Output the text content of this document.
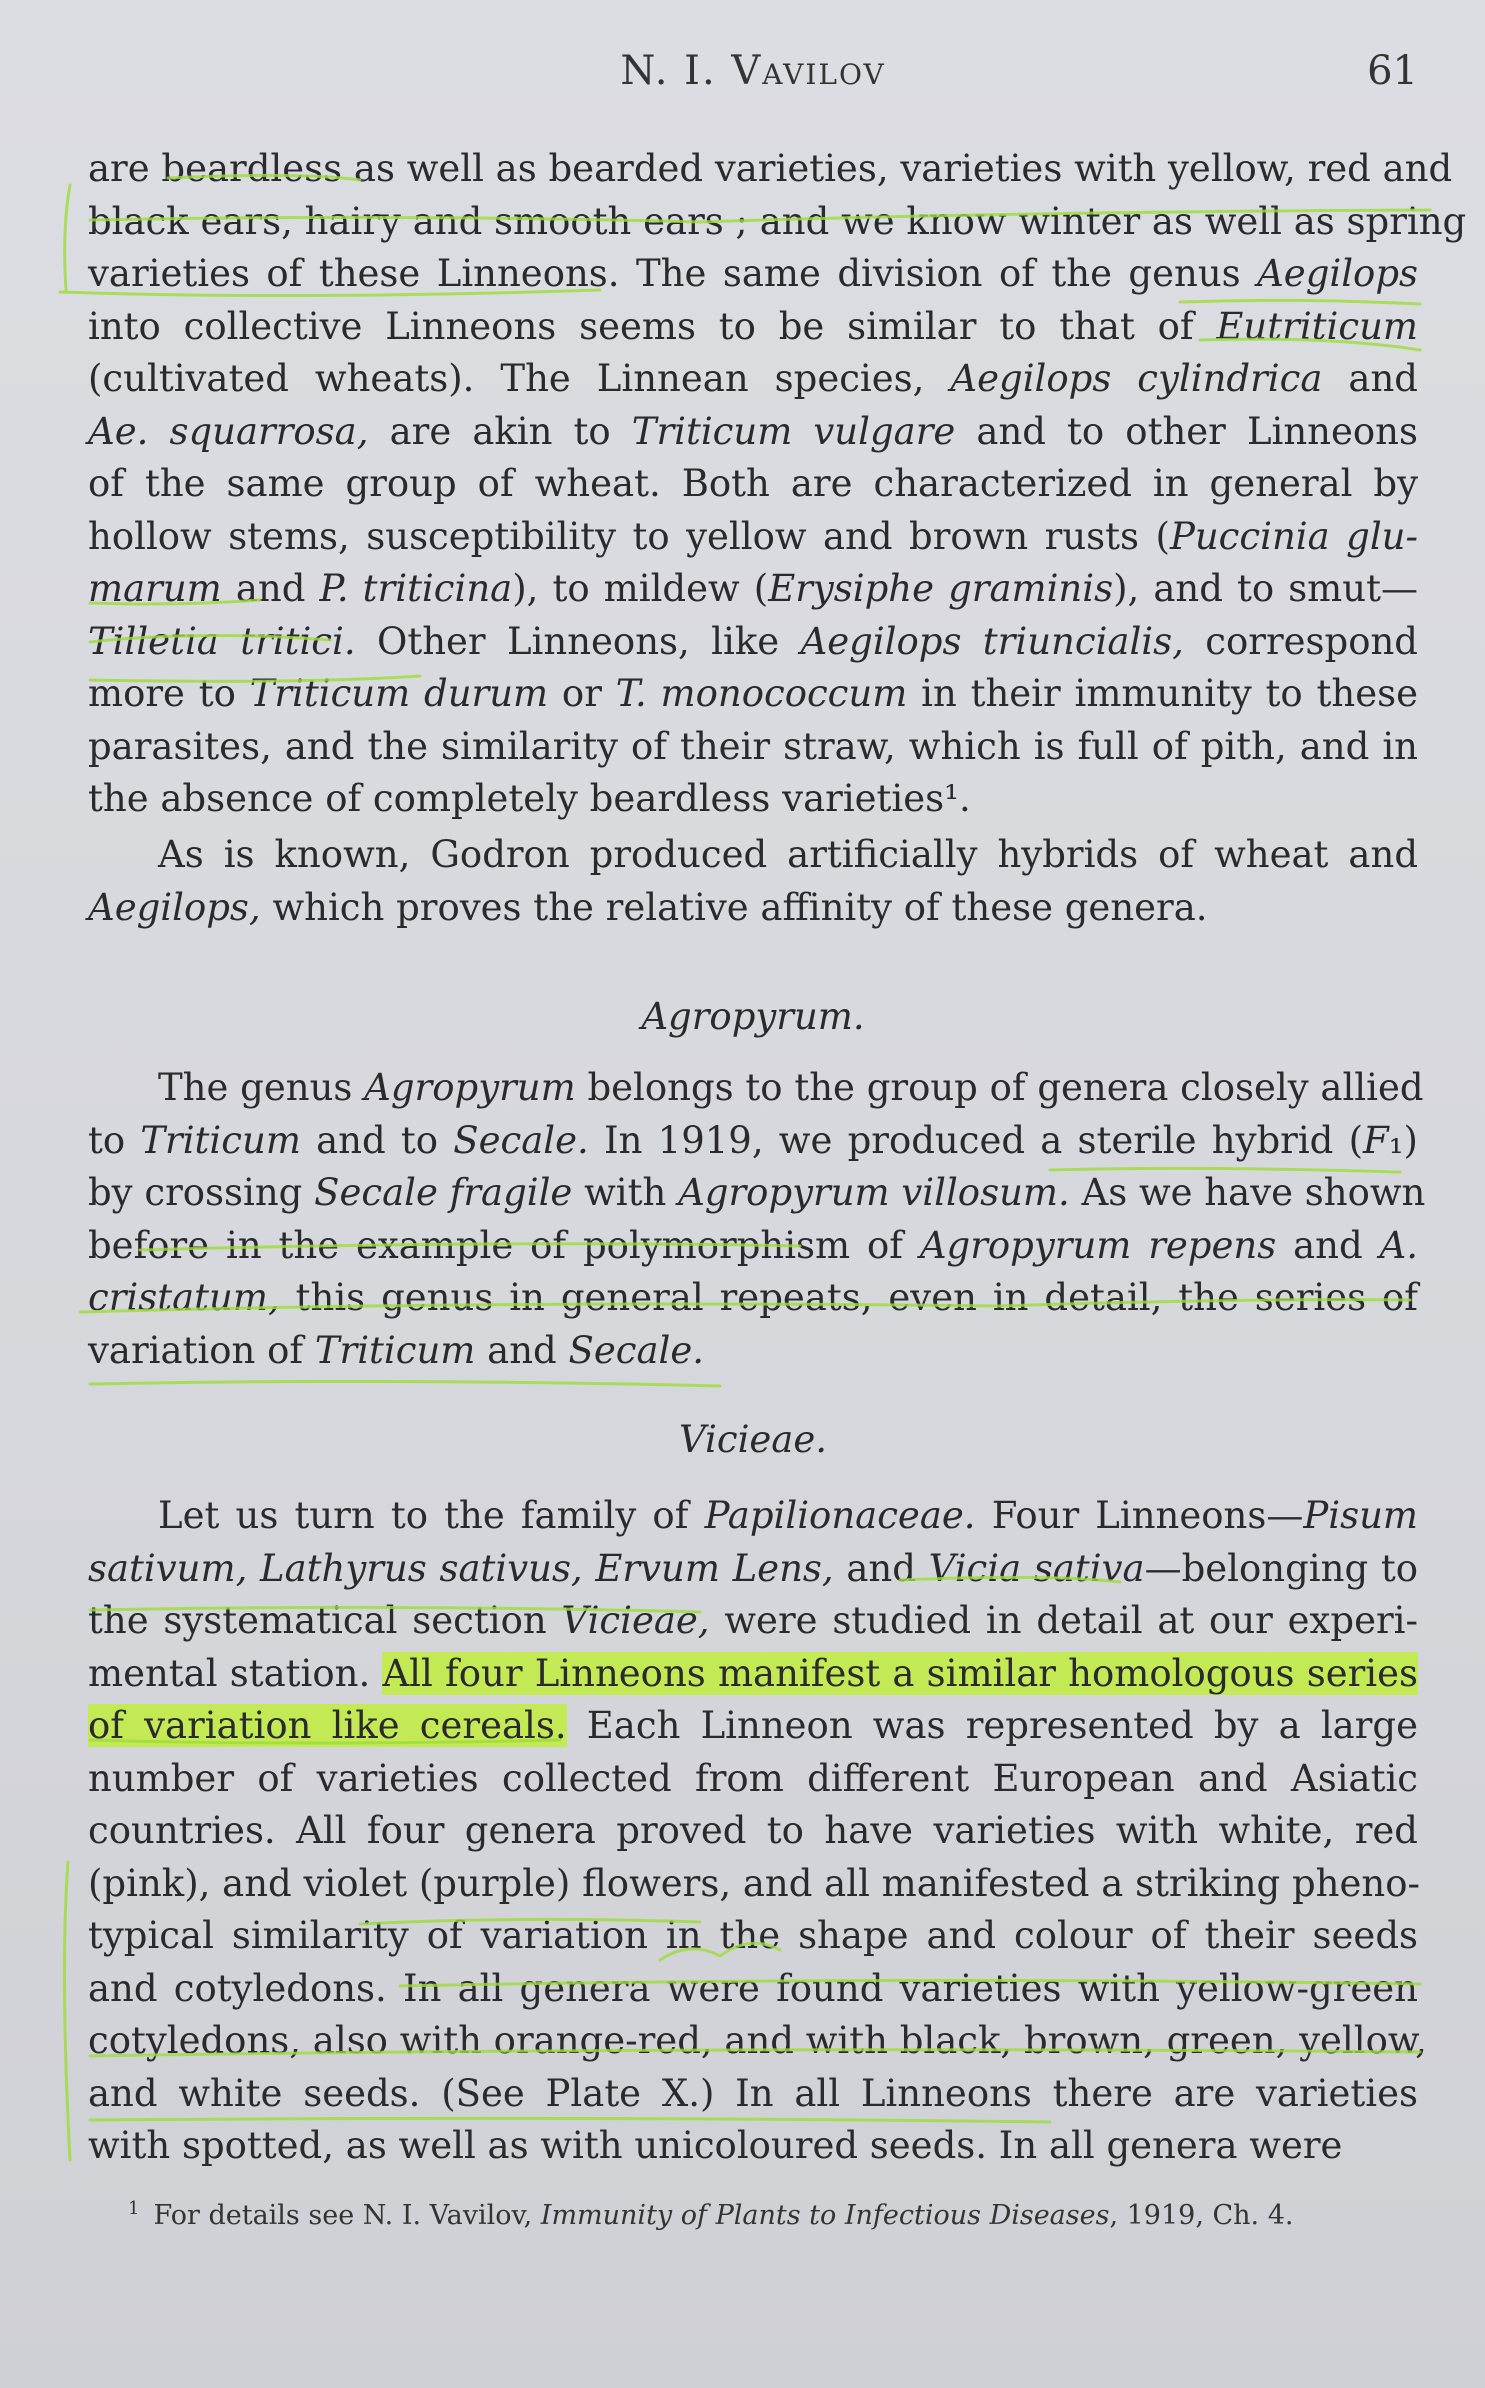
N. I. Vavilov	61
are beardless as well as bearded varieties, varieties with yellow, red and
black ears, hairy and smooth ears ; and we know winter as well as spring
varieties of these Linneons. The same division of the genus Aegilops
into collective Linneons seems to be similar to that of Eutriticum
(cultivated wheats). The Linnean species, Aegilops cylindrica and
Ae. squarrosa, are akin to Triticum vulgare and to other Linneons
of the same group of wheat. Both are characterized in general by
hollow stems, susceptibility to yellow and brown rusts (Puccinia glu-
marum and P. triticina), to mildew (Erysiphe graminis), and to smut—
Tilletia tritici. Other Linneons, like Aegilops triuncialis, correspond
more to Triticum durum or T. monococcum in their immunity to these
parasites, and the similarity of their straw, which is full of pith, and in
the absence of completely beardless varieties¹.
As is known, Godron produced artificially hybrids of wheat and
Aegilops, which proves the relative affinity of these genera.
Agropyrum.
The genus Agropyrum belongs to the group of genera closely allied
to Triticum and to Secale. In 1919, we produced a sterile hybrid (F₁)
by crossing Secale fragile with Agropyrum villosum. As we have shown
before in the example of polymorphism of Agropyrum repens and A.
cristatum, this genus in general repeats, even in detail, the series of
variation of Triticum and Secale.
Vicieae.
Let us turn to the family of Papilionaceae. Four Linneons—Pisum
sativum, Lathyrus sativus, Ervum Lens, and Vicia sativa—belonging to
the systematical section Vicieae, were studied in detail at our experi-
mental station. All four Linneons manifest a similar homologous series
of variation like cereals. Each Linneon was represented by a large
number of varieties collected from different European and Asiatic
countries. All four genera proved to have varieties with white, red
(pink), and violet (purple) flowers, and all manifested a striking pheno-
typical similarity of variation in the shape and colour of their seeds
and cotyledons. In all genera were found varieties with yellow-green
cotyledons, also with orange-red, and with black, brown, green, yellow,
and white seeds. (See Plate X.) In all Linneons there are varieties
with spotted, as well as with unicoloured seeds. In all genera were
$^1$ For details see N. I. Vavilov, Immunity of Plants to Infectious Diseases, 1919, Ch. 4.
